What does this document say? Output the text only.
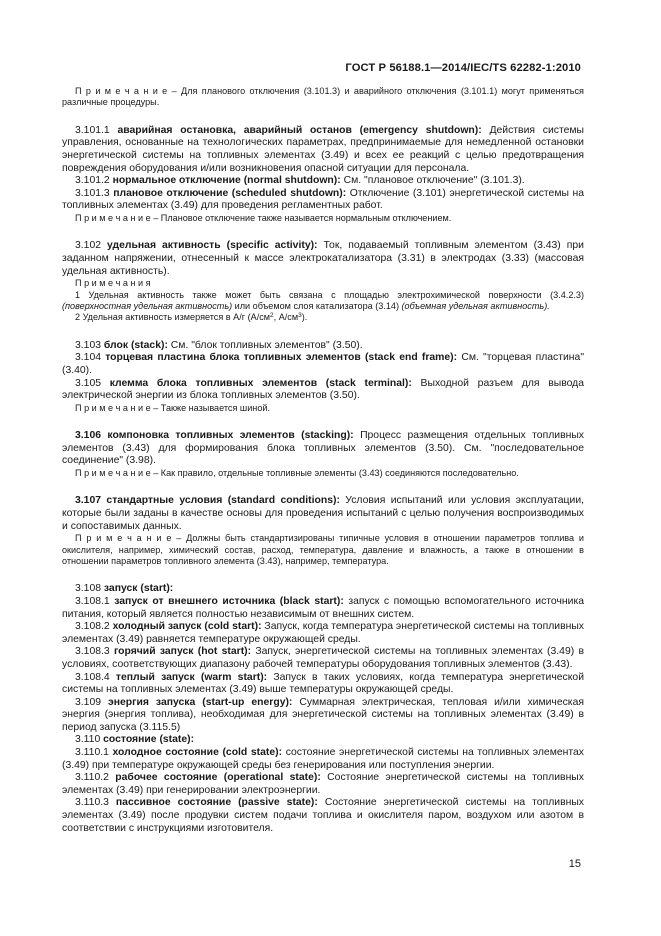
ГОСТ Р 56188.1—2014/IEC/TS 62282-1:2010

П р и м е ч а н и е – Для планового отключения (3.101.3) и аварийного отключения (3.101.1) могут применяться различные процедуры.

3.101.1 аварийная остановка, аварийный останов (emergency shutdown): Действия системы управления, основанные на технологических параметрах, предпринимаемые для немедленной остановки энергетической системы на топливных элементах (3.49) и всех ее реакций с целью предотвращения повреждения оборудования и/или возникновения опасной ситуации для персонала.

3.101.2 нормальное отключение (normal shutdown): См. "плановое отключение" (3.101.3).

3.101.3 плановое отключение (scheduled shutdown): Отключение (3.101) энергетической системы на топливных элементах (3.49) для проведения регламентных работ.

П р и м е ч а н и е – Плановое отключение также называется нормальным отключением.

3.102 удельная активность (specific activity): Ток, подаваемый топливным элементом (3.43) при заданном напряжении, отнесенный к массе электрокатализатора (3.31) в электродах (3.33) (массовая удельная активность).

П р и м е ч а н и я

1 Удельная активность также может быть связана с площадью электрохимической поверхности (3.4.2.3) (поверхностная удельная активность) или объемом слоя катализатора (3.14) (объемная удельная активность).

2 Удельная активность измеряется в А/г ($А/см^2$, $А/см^3$).

3.103 блок (stack): См. "блок топливных элементов" (3.50).

3.104 торцевая пластина блока топливных элементов (stack end frame): См. "торцевая пластина" (3.40).

3.105 клемма блока топливных элементов (stack terminal): Выходной разъем для вывода электрической энергии из блока топливных элементов (3.50).

П р и м е ч а н и е – Также называется шиной.

3.106 компоновка топливных элементов (stacking): Процесс размещения отдельных топливных элементов (3.43) для формирования блока топливных элементов (3.50). См. "последовательное соединение" (3.98).

П р и м е ч а н и е – Как правило, отдельные топливные элементы (3.43) соединяются последовательно.

3.107 стандартные условия (standard conditions): Условия испытаний или условия эксплуатации, которые были заданы в качестве основы для проведения испытаний с целью получения воспроизводимых и сопоставимых данных.

П р и м е ч а н и е – Должны быть стандартизированы типичные условия в отношении параметров топлива и окислителя, например, химический состав, расход, температура, давление и влажность, а также в отношении в отношении параметров топливного элемента (3.43), например, температура.

3.108 запуск (start):

3.108.1 запуск от внешнего источника (black start): запуск с помощью вспомогательного источника питания, который является полностью независимым от внешних систем.

3.108.2 холодный запуск (cold start): Запуск, когда температура энергетической системы на топливных элементах (3.49) равняется температуре окружающей среды.

3.108.3 горячий запуск (hot start): Запуск, энергетической системы на топливных элементах (3.49) в условиях, соответствующих диапазону рабочей температуры оборудования топливных элементов (3.43).

3.108.4 теплый запуск (warm start): Запуск в таких условиях, когда температура энергетической системы на топливных элементах (3.49) выше температуры окружающей среды.

3.109 энергия запуска (start-up energy): Суммарная электрическая, тепловая и/или химическая энергия (энергия топлива), необходимая для энергетической системы на топливных элементах (3.49) в период запуска (3.115.5)

3.110 состояние (state):

3.110.1 холодное состояние (cold state): состояние энергетической системы на топливных элементах (3.49) при температуре окружающей среды без генерирования или поступления энергии.

3.110.2 рабочее состояние (operational state): Состояние энергетической системы на топливных элементах (3.49) при генерировании электроэнергии.

3.110.3 пассивное состояние (passive state): Состояние энергетической системы на топливных элементах (3.49) после продувки систем подачи топлива и окислителя паром, воздухом или азотом в соответствии с инструкциями изготовителя.

15
